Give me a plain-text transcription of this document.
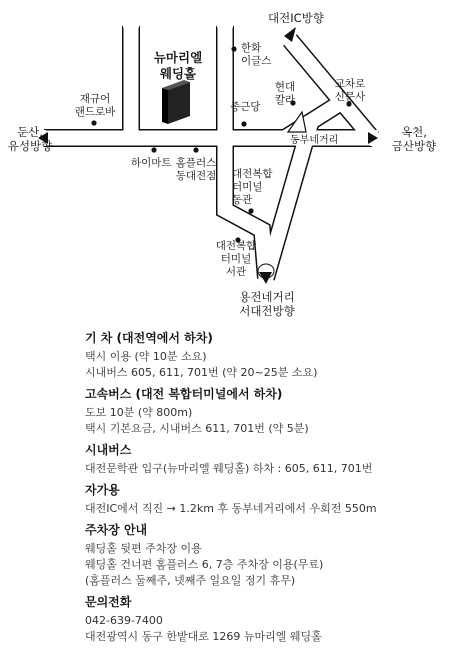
뉴마리엘
웨딩홀
대전IC방향
둔산,
유성방향
옥천,
금산방향
용전네거리
서대전방향
한화
이글스
재규어
랜드로바	종근당
현대
칼라
교차로
신문사
동부네거리
하이마트 홈플러스
동대전점	대전복합
터미널
동관
대전복합
터미널
서관
기 차 (대전역에서 하차)

택시 이용 (약 10분 소요)

시내버스 605, 611, 701번 (약 20~25분 소요)

고속버스 (대전 복합터미널에서 하차)

도보 10분 (약 800m)

택시 기본요금, 시내버스 611, 701번 (약 5분)

시내버스

대전문학관 입구(뉴마리엘 웨딩홀) 하차 : 605, 611, 701번

자가용

대전IC에서 직진 → 1.2km 후 동부네거리에서 우회전 550m

주차장 안내

웨딩홀 뒷편 주차장 이용

웨딩홀 건너편 홈플러스 6, 7층 주차장 이용(무료)

(홈플러스 둘째주, 넷째주 일요일 정기 휴무)

문의전화

042-639-7400

대전광역시 동구 한밭대로 1269 뉴마리엘 웨딩홀
